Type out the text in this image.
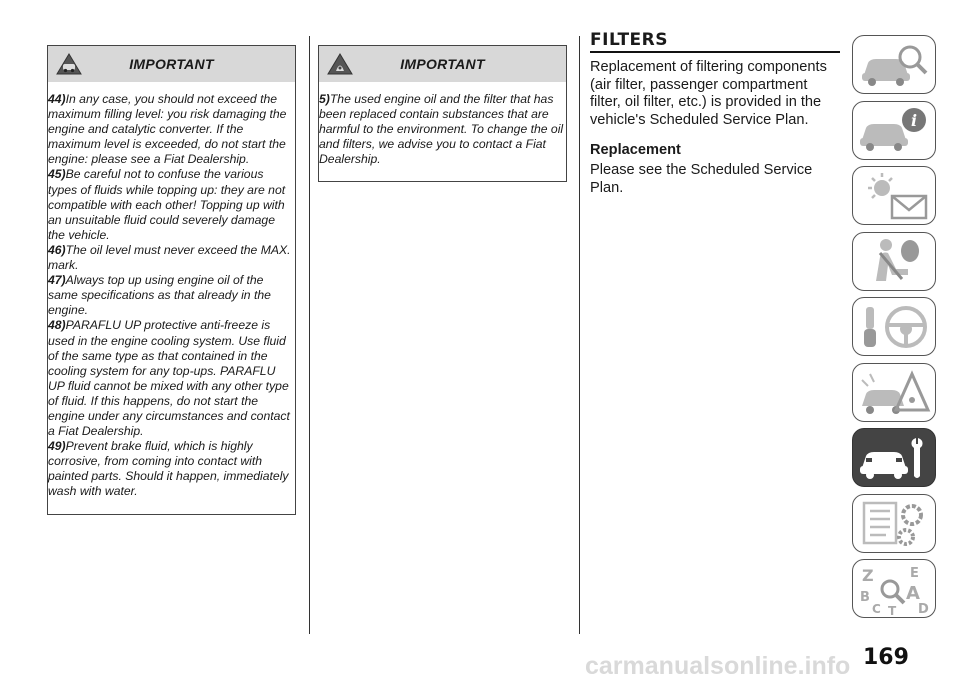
IMPORTANT

44)In any case, you should not exceed the maximum filling level: you risk damaging the engine and catalytic converter. If the maximum level is exceeded, do not start the engine: please see a Fiat Dealership.

45)Be careful not to confuse the various types of fluids while topping up: they are not compatible with each other! Topping up with an unsuitable fluid could severely damage the vehicle.

46)The oil level must never exceed the MAX. mark.

47)Always top up using engine oil of the same specifications as that already in the engine.

48)PARAFLU UP protective anti-freeze is used in the engine cooling system. Use fluid of the same type as that contained in the cooling system for any top-ups. PARAFLU UP fluid cannot be mixed with any other type of fluid. If this happens, do not start the engine under any circumstances and contact a Fiat Dealership.

49)Prevent brake fluid, which is highly corrosive, from coming into contact with painted parts. Should it happen, immediately wash with water.

IMPORTANT

5)The used engine oil and the filter that has been replaced contain substances that are harmful to the environment. To change the oil and filters, we advise you to contact a Fiat Dealership.

FILTERS

Replacement of filtering components (air filter, passenger compartment filter, oil filter, etc.) is provided in the vehicle's Scheduled Service Plan.

Replacement

Please see the Scheduled Service Plan.

i
Z	E
B A
D
C T
169
carmanualsonline.info
